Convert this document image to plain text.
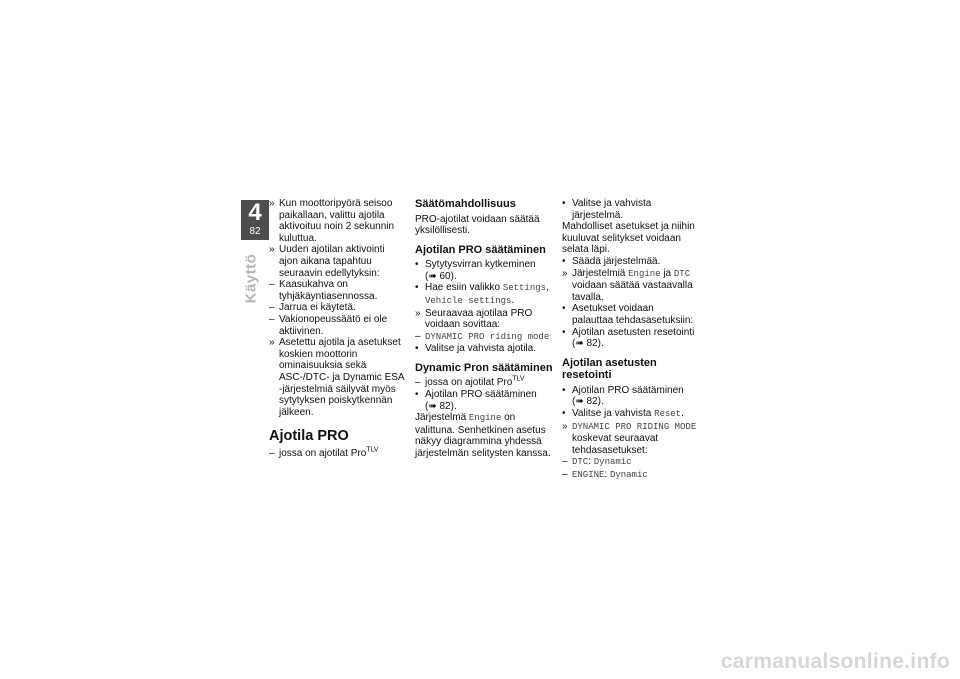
4
82
Käyttö
» Kun moottoripyörä seisoo paikallaan, valittu ajotila aktivoituu noin 2 sekunnin kuluttua.
» Uuden ajotilan aktivointi ajon aikana tapahtuu seuraavin edellytyksin:
– Kaasukahva on tyhjäkäyntiasennossa.
– Jarrua ei käytetä.
– Vakionopeussäätö ei ole aktiivinen.
» Asetettu ajotila ja asetukset koskien moottorin ominaisuuksia sekä ASC-/DTC- ja Dynamic ESA -järjestelmiä säilyvät myös sytytyksen poiskytkennän jälkeen.
Ajotila PRO
– jossa on ajotilat Pro$^{TLV}$
Säätömahdollisuus

PRO-ajotilat voidaan säätää yksilöllisesti.

Ajotilan PRO säätäminen
• Sytytysvirran kytkeminen
(➠ 60).
• Hae esiin valikko Settings,
Vehicle settings.
» Seuraavaa ajotilaa PRO voidaan sovittaa:
– DYNAMIC PRO riding mode
• Valitse ja vahvista ajotila.
Dynamic Pron säätäminen
– jossa on ajotilat Pro$^{TLV}$
• Ajotilan PRO säätäminen
(➠ 82).

Järjestelmä Engine on valittuna. Senhetkinen asetus näkyy diagrammina yhdessä järjestelmän selitysten kanssa.

• Valitse ja vahvista järjestelmä.

Mahdolliset asetukset ja niihin kuuluvat selitykset voidaan selata läpi.

• Säädä järjestelmää.
» Järjestelmiä Engine ja DTC voidaan säätää vastaavalla tavalla.
• Asetukset voidaan palauttaa tehdasasetuksiin:
• Ajotilan asetusten resetointi
(➠ 82).
Ajotilan asetusten resetointi
• Ajotilan PRO säätäminen
(➠ 82).
• Valitse ja vahvista Reset.
» DYNAMIC PRO RIDING MODE koskevat seuraavat tehdasasetukset:
– DTC: Dynamic
– ENGINE: Dynamic
carmanualsonline.info
